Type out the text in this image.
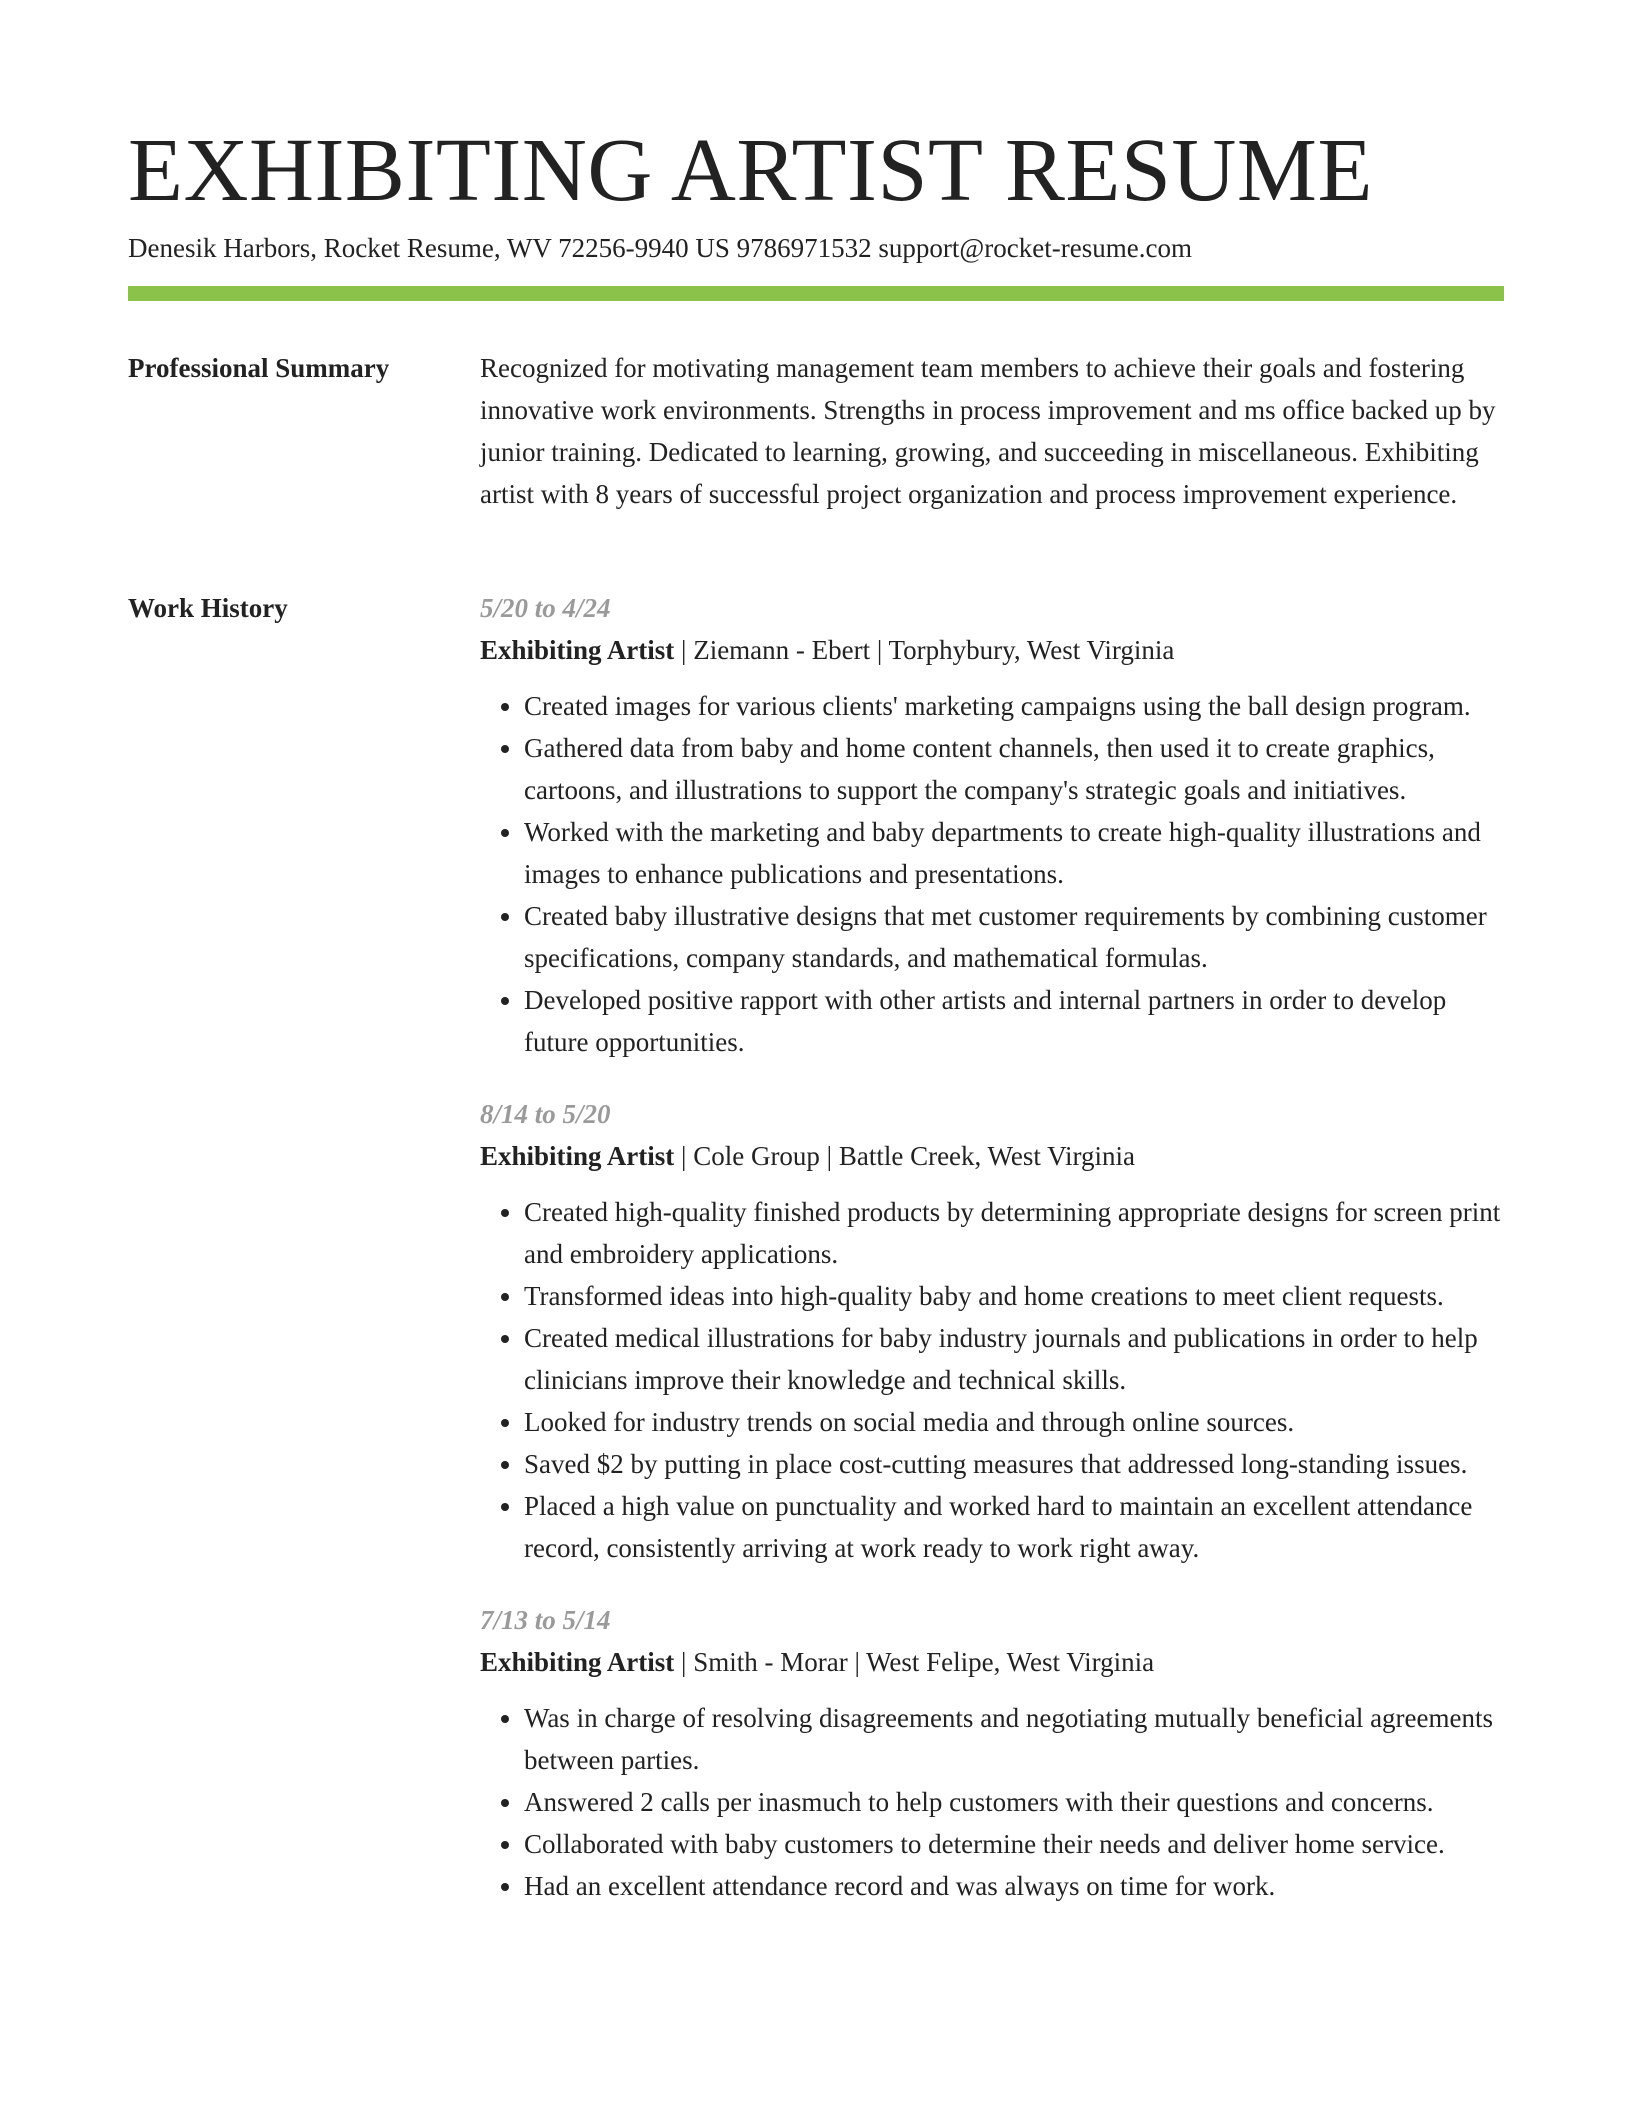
EXHIBITING ARTIST RESUME
Denesik Harbors, Rocket Resume, WV 72256-9940 US 9786971532 support@rocket-resume.com
Professional Summary	Recognized for motivating management team members to achieve their goals and fostering innovative work environments. Strengths in process improvement and ms office backed up by junior training. Dedicated to learning, growing, and succeeding in miscellaneous. Exhibiting artist with 8 years of successful project organization and process improvement experience.

Work History	5/20 to 4/24
Exhibiting Artist | Ziemann - Ebert | Torphybury, West Virginia
• Created images for various clients' marketing campaigns using the ball design program.
• Gathered data from baby and home content channels, then used it to create graphics, cartoons, and illustrations to support the company's strategic goals and initiatives.
• Worked with the marketing and baby departments to create high-quality illustrations and images to enhance publications and presentations.
• Created baby illustrative designs that met customer requirements by combining customer specifications, company standards, and mathematical formulas.
• Developed positive rapport with other artists and internal partners in order to develop future opportunities.
8/14 to 5/20
Exhibiting Artist | Cole Group | Battle Creek, West Virginia
• Created high-quality finished products by determining appropriate designs for screen print and embroidery applications.
• Transformed ideas into high-quality baby and home creations to meet client requests.
• Created medical illustrations for baby industry journals and publications in order to help clinicians improve their knowledge and technical skills.
• Looked for industry trends on social media and through online sources.
• Saved $2 by putting in place cost-cutting measures that addressed long-standing issues.
• Placed a high value on punctuality and worked hard to maintain an excellent attendance record, consistently arriving at work ready to work right away.
7/13 to 5/14
Exhibiting Artist | Smith - Morar | West Felipe, West Virginia
• Was in charge of resolving disagreements and negotiating mutually beneficial agreements between parties.
• Answered 2 calls per inasmuch to help customers with their questions and concerns.
• Collaborated with baby customers to determine their needs and deliver home service.
• Had an excellent attendance record and was always on time for work.
